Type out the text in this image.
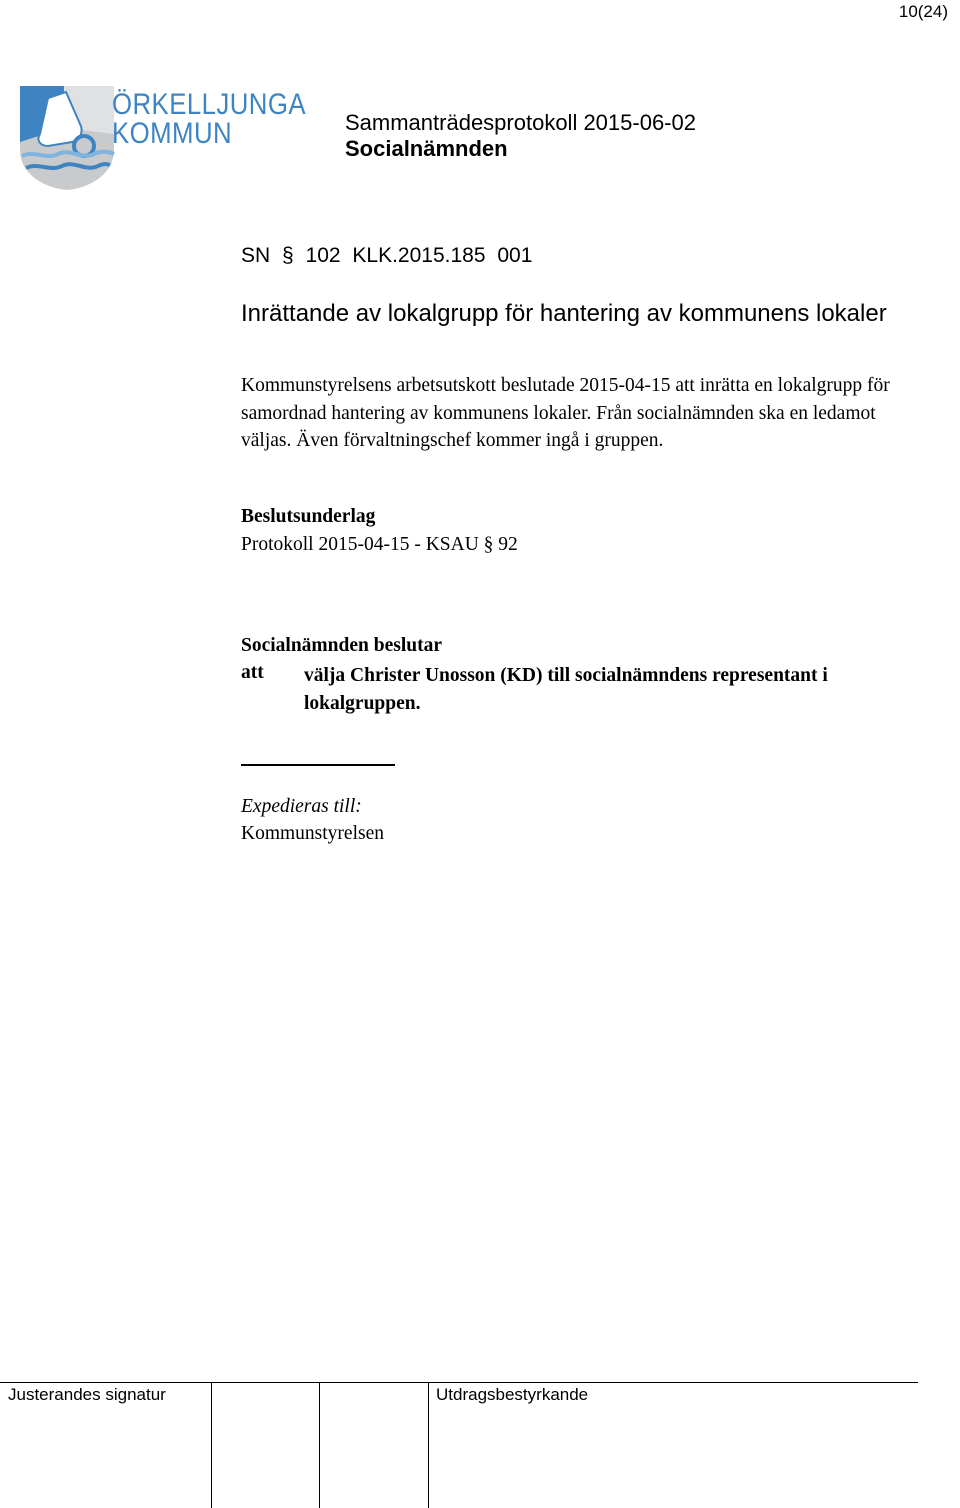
10(24)
ÖRKELLJUNGA
KOMMUN	Sammanträdesprotokoll 2015-06-02
Socialnämnden
SN § 102 KLK.2015.185 001
Inrättande av lokalgrupp för hantering av kommunens lokaler
Kommunstyrelsens arbetsutskott beslutade 2015-04-15 att inrätta en lokalgrupp för samordnad hantering av kommunens lokaler. Från socialnämnden ska en ledamot väljas. Även förvaltningschef kommer ingå i gruppen.
Beslutsunderlag
Protokoll 2015-04-15 - KSAU § 92
Socialnämnden beslutar
att välja Christer Unosson (KD) till socialnämndens representant i lokalgruppen.
Expedieras till:
Kommunstyrelsen
Justerandes signatur	Utdragsbestyrkande
